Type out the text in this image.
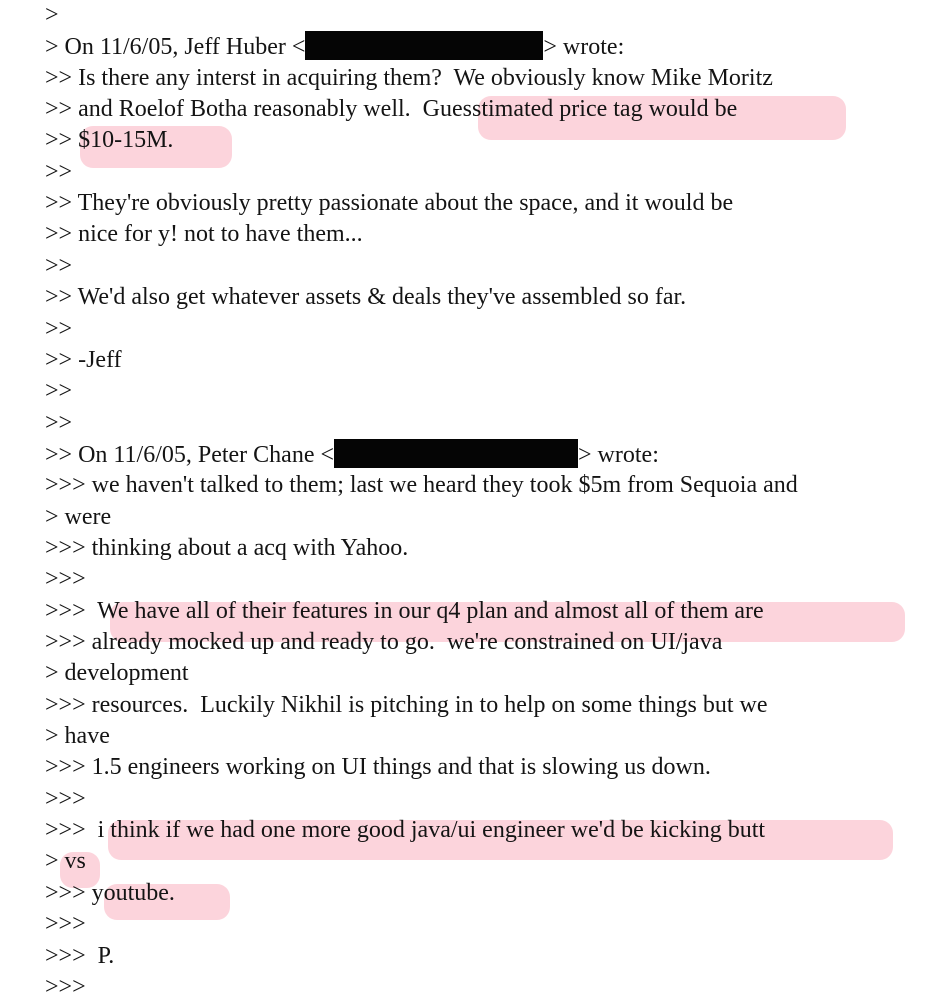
>
> On 11/6/05, Jeff Huber <	> wrote:
>> Is there any interst in acquiring them?  We obviously know Mike Moritz
>> and Roelof Botha reasonably well.  Guesstimated price tag would be
>> $10-15M.
>>
>> They're obviously pretty passionate about the space, and it would be
>> nice for y! not to have them...
>>
>> We'd also get whatever assets & deals they've assembled so far.
>>
>> -Jeff
>>
>>
>> On 11/6/05, Peter Chane <	> wrote:
>>> we haven't talked to them; last we heard they took $5m from Sequoia and
> were
>>> thinking about a acq with Yahoo.
>>>
>>>  We have all of their features in our q4 plan and almost all of them are
>>> already mocked up and ready to go.  we're constrained on UI/java
> development
>>> resources.  Luckily Nikhil is pitching in to help on some things but we
> have
>>> 1.5 engineers working on UI things and that is slowing us down.
>>>
>>>  i think if we had one more good java/ui engineer we'd be kicking butt
> vs
>>> youtube.
>>>
>>>  P.
>>>
